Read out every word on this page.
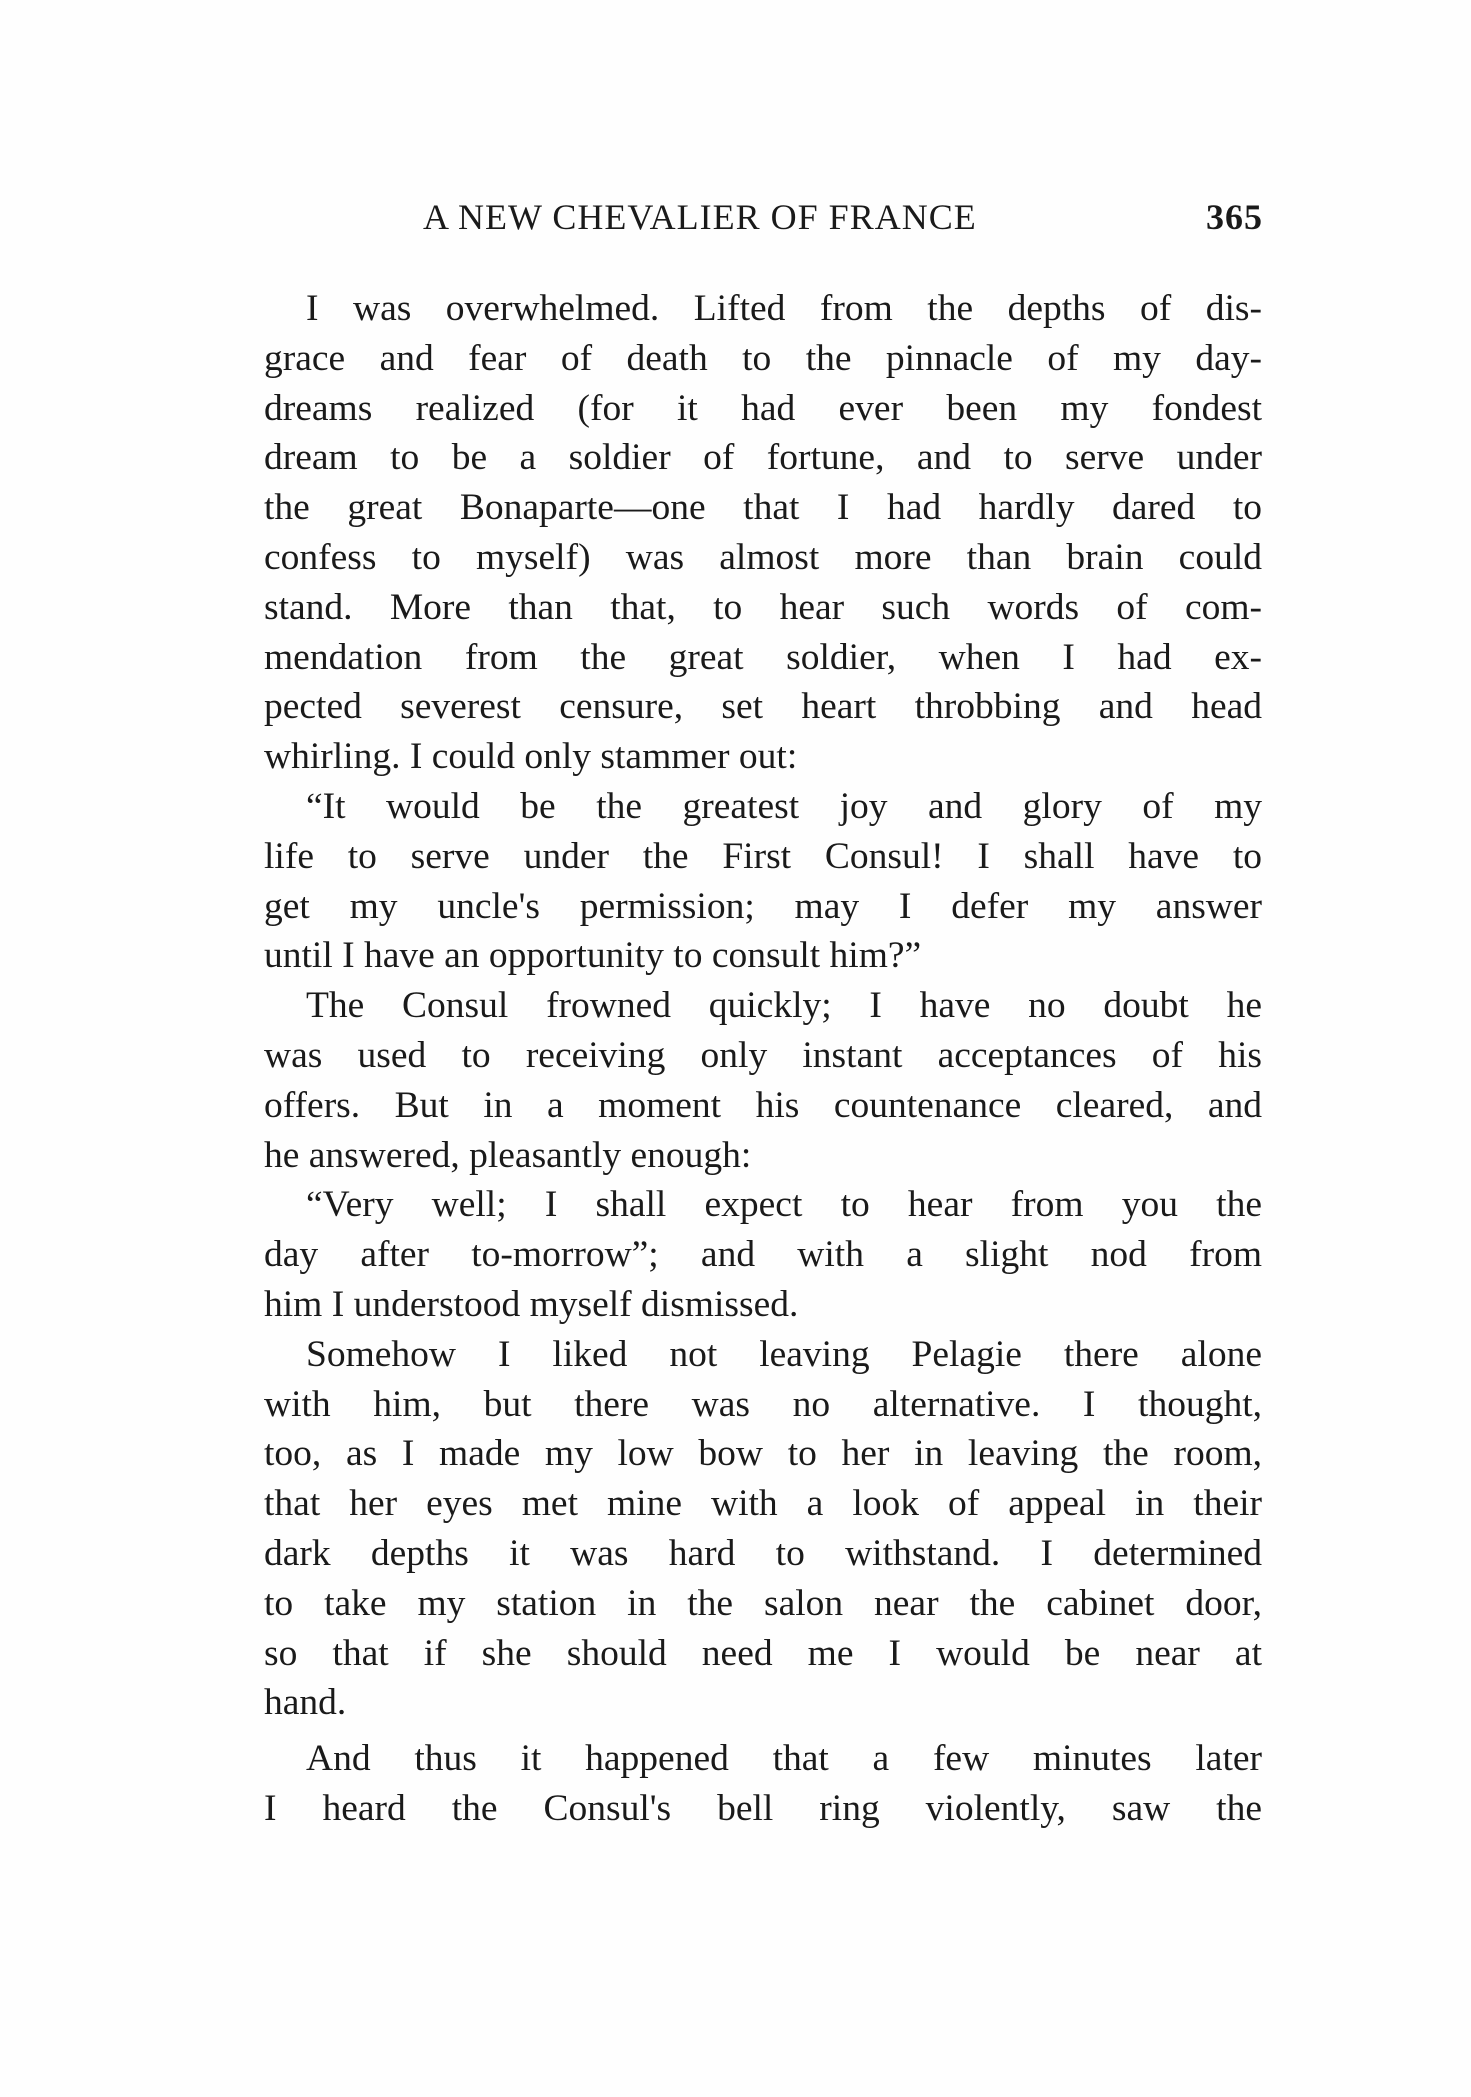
A NEW CHEVALIER OF FRANCE	365
I was overwhelmed. Lifted from the depths of dis-
grace and fear of death to the pinnacle of my day-
dreams realized (for it had ever been my fondest
dream to be a soldier of fortune, and to serve under
the great Bonaparte—one that I had hardly dared to
confess to myself) was almost more than brain could
stand. More than that, to hear such words of com-
mendation from the great soldier, when I had ex-
pected severest censure, set heart throbbing and head
whirling. I could only stammer out:
“It would be the greatest joy and glory of my
life to serve under the First Consul! I shall have to
get my uncle's permission; may I defer my answer
until I have an opportunity to consult him?”
The Consul frowned quickly; I have no doubt he
was used to receiving only instant acceptances of his
offers. But in a moment his countenance cleared, and
he answered, pleasantly enough:
“Very well; I shall expect to hear from you the
day after to-morrow”; and with a slight nod from
him I understood myself dismissed.
Somehow I liked not leaving Pelagie there alone
with him, but there was no alternative. I thought,
too, as I made my low bow to her in leaving the room,
that her eyes met mine with a look of appeal in their
dark depths it was hard to withstand. I determined
to take my station in the salon near the cabinet door,
so that if she should need me I would be near at
hand.
And thus it happened that a few minutes later
I heard the Consul's bell ring violently, saw the
